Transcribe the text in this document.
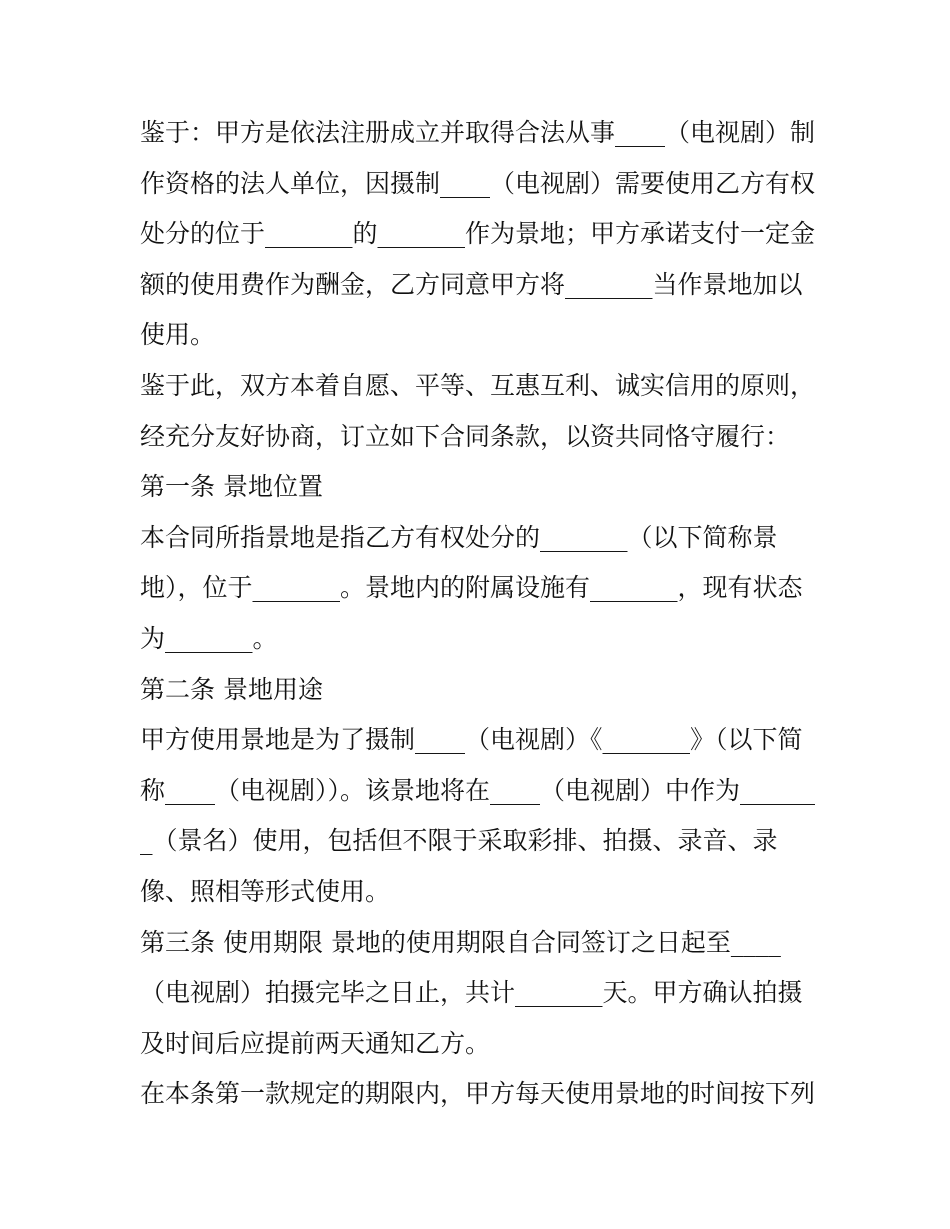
鉴于：甲方是依法注册成立并取得合法从事____（电视剧）制作资格的法人单位，因摄制____（电视剧）需要使用乙方有权处分的位于_______的_______作为景地；甲方承诺支付一定金额的使用费作为酬金，乙方同意甲方将_______当作景地加以使用。

鉴于此，双方本着自愿、平等、互惠互利、诚实信用的原则，经充分友好协商，订立如下合同条款，以资共同恪守履行：

第一条 景地位置

本合同所指景地是指乙方有权处分的_______（以下简称景地），位于_______。景地内的附属设施有_______，现有状态为_______。

第二条 景地用途

甲方使用景地是为了摄制____（电视剧）《_______》（以下简称____（电视剧））。该景地将在____（电视剧）中作为_______（景名）使用，包括但不限于采取彩排、拍摄、录音、录像、照相等形式使用。

第三条 使用期限 景地的使用期限自合同签订之日起至____（电视剧）拍摄完毕之日止，共计_______天。甲方确认拍摄及时间后应提前两天通知乙方。

在本条第一款规定的期限内，甲方每天使用景地的时间按下列
